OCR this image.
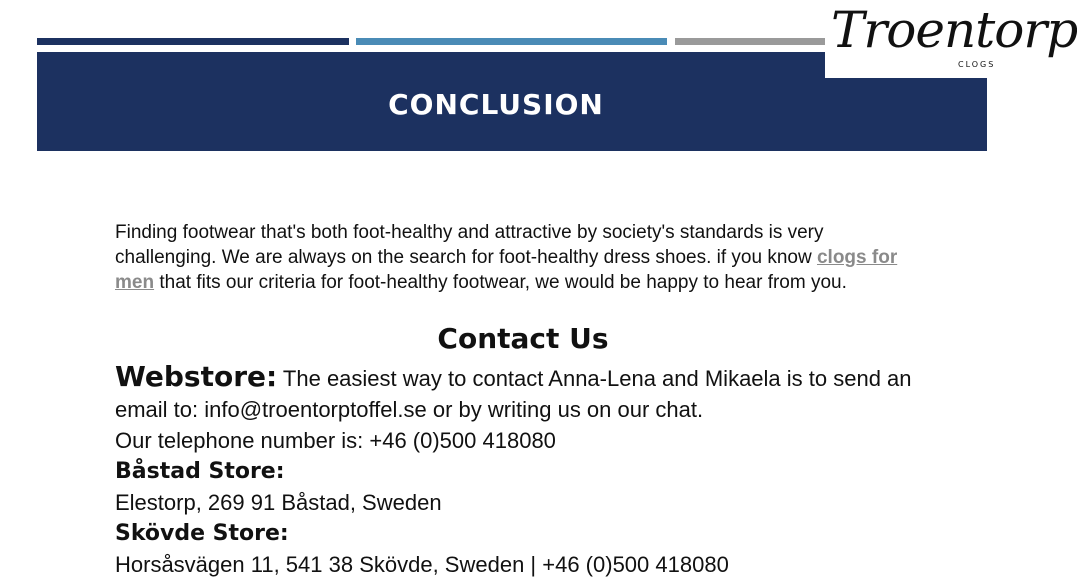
CONCLUSION
Troentorp
CLOGS
Finding footwear that's both foot-healthy and attractive by society's standards is very challenging. We are always on the search for foot-healthy dress shoes. if you know clogs for men that fits our criteria for foot-healthy footwear, we would be happy to hear from you.
Contact Us
Webstore: The easiest way to contact Anna-Lena and Mikaela is to send an
email to: info@troentorptoffel.se or by writing us on our chat.
Our telephone number is: +46 (0)500 418080
Båstad Store:
Elestorp, 269 91 Båstad, Sweden
Skövde Store:
Horsåsvägen 11, 541 38 Skövde, Sweden | +46 (0)500 418080
